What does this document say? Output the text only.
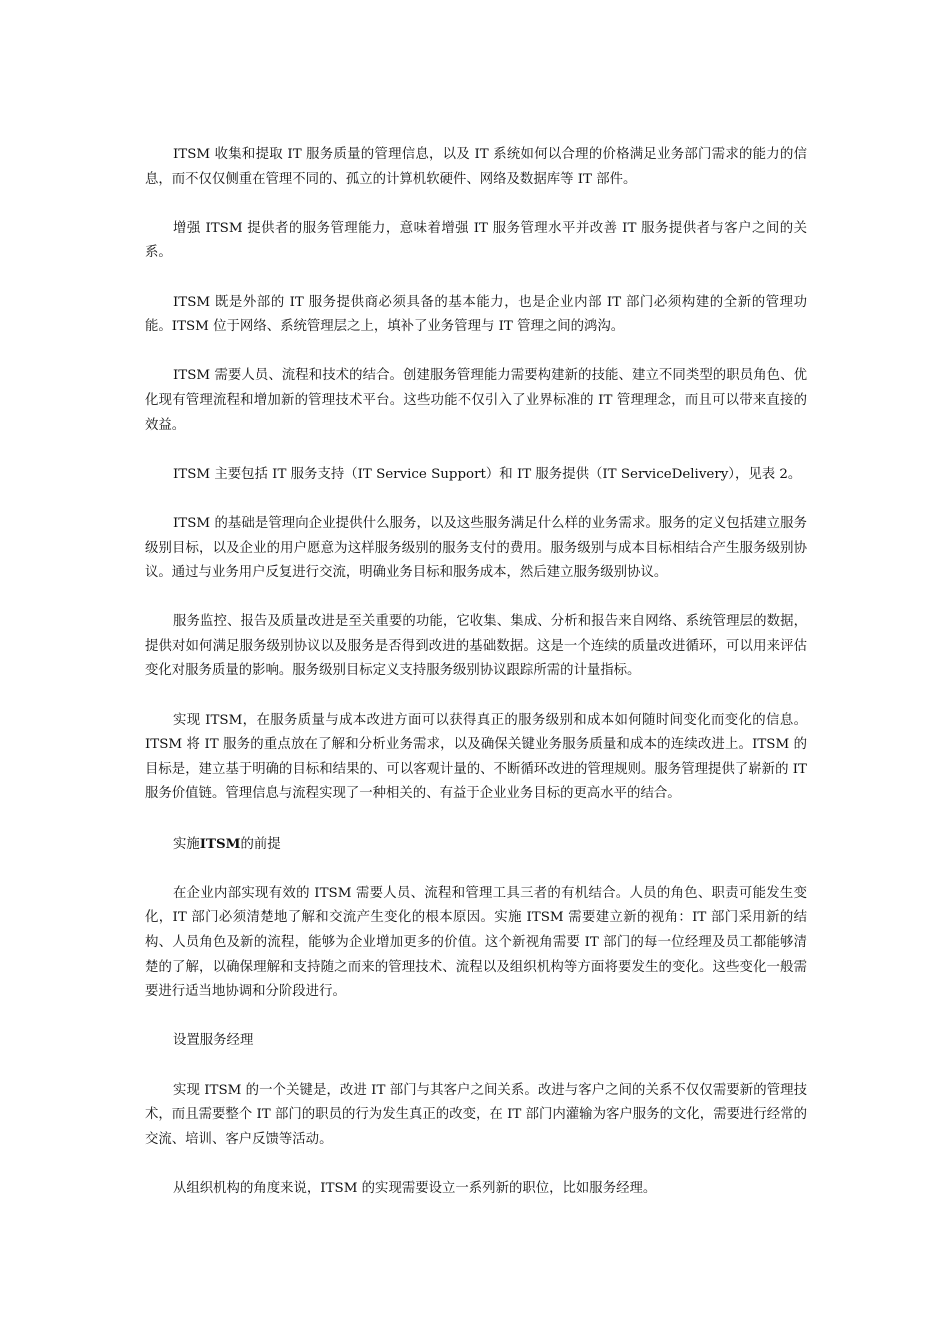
ITSM 收集和提取 IT 服务质量的管理信息，以及 IT 系统如何以合理的价格满足业务部门需求的能力的信息，而不仅仅侧重在管理不同的、孤立的计算机软硬件、网络及数据库等 IT 部件。

增强 ITSM 提供者的服务管理能力，意味着增强 IT 服务管理水平并改善 IT 服务提供者与客户之间的关系。

ITSM 既是外部的 IT 服务提供商必须具备的基本能力，也是企业内部 IT 部门必须构建的全新的管理功能。ITSM 位于网络、系统管理层之上，填补了业务管理与 IT 管理之间的鸿沟。

ITSM 需要人员、流程和技术的结合。创建服务管理能力需要构建新的技能、建立不同类型的职员角色、优化现有管理流程和增加新的管理技术平台。这些功能不仅引入了业界标准的 IT 管理理念，而且可以带来直接的效益。

ITSM 主要包括 IT 服务支持（IT Service Support）和 IT 服务提供（IT ServiceDelivery），见表 2。

ITSM 的基础是管理向企业提供什么服务，以及这些服务满足什么样的业务需求。服务的定义包括建立服务级别目标，以及企业的用户愿意为这样服务级别的服务支付的费用。服务级别与成本目标相结合产生服务级别协议。通过与业务用户反复进行交流，明确业务目标和服务成本，然后建立服务级别协议。

服务监控、报告及质量改进是至关重要的功能，它收集、集成、分析和报告来自网络、系统管理层的数据，提供对如何满足服务级别协议以及服务是否得到改进的基础数据。这是一个连续的质量改进循环，可以用来评估变化对服务质量的影响。服务级别目标定义支持服务级别协议跟踪所需的计量指标。

实现 ITSM，在服务质量与成本改进方面可以获得真正的服务级别和成本如何随时间变化而变化的信息。ITSM 将 IT 服务的重点放在了解和分析业务需求，以及确保关键业务服务质量和成本的连续改进上。ITSM 的目标是，建立基于明确的目标和结果的、可以客观计量的、不断循环改进的管理规则。服务管理提供了崭新的 IT 服务价值链。管理信息与流程实现了一种相关的、有益于企业业务目标的更高水平的结合。

实施ITSM的前提

在企业内部实现有效的 ITSM 需要人员、流程和管理工具三者的有机结合。人员的角色、职责可能发生变化，IT 部门必须清楚地了解和交流产生变化的根本原因。实施 ITSM 需要建立新的视角：IT 部门采用新的结构、人员角色及新的流程，能够为企业增加更多的价值。这个新视角需要 IT 部门的每一位经理及员工都能够清楚的了解，以确保理解和支持随之而来的管理技术、流程以及组织机构等方面将要发生的变化。这些变化一般需要进行适当地协调和分阶段进行。

设置服务经理

实现 ITSM 的一个关键是，改进 IT 部门与其客户之间关系。改进与客户之间的关系不仅仅需要新的管理技术，而且需要整个 IT 部门的职员的行为发生真正的改变，在 IT 部门内灌输为客户服务的文化，需要进行经常的交流、培训、客户反馈等活动。

从组织机构的角度来说，ITSM 的实现需要设立一系列新的职位，比如服务经理。
